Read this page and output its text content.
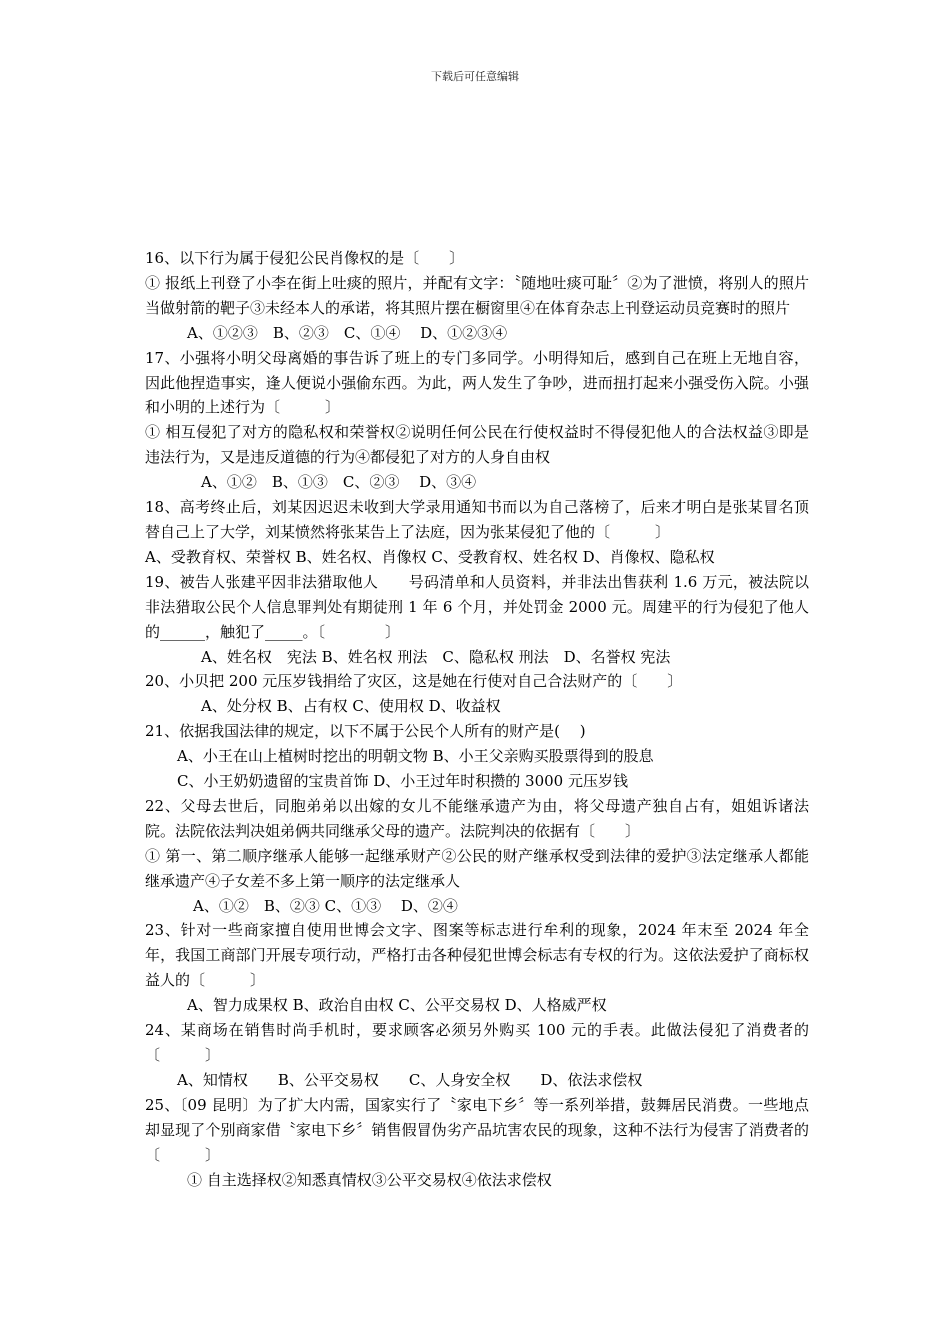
下载后可任意编辑

16、以下行为属于侵犯公民肖像权的是〔　　〕

① 报纸上刊登了小李在街上吐痰的照片，并配有文字：〝随地吐痰可耻〞②为了泄愤，将别人的照片当做射箭的靶子③未经本人的承诺，将其照片摆在橱窗里④在体育杂志上刊登运动员竞赛时的照片

A、①②③　B、②③　C、①④　 D、①②③④

17、小强将小明父母离婚的事告诉了班上的专门多同学。小明得知后，感到自己在班上无地自容，因此他捏造事实，逢人便说小强偷东西。为此，两人发生了争吵，进而扭打起来小强受伤入院。小强和小明的上述行为〔　　　〕

① 相互侵犯了对方的隐私权和荣誉权②说明任何公民在行使权益时不得侵犯他人的合法权益③即是违法行为，又是违反道德的行为④都侵犯了对方的人身自由权

A、①②　B、①③　C、②③　 D、③④

18、高考终止后，刘某因迟迟未收到大学录用通知书而以为自己落榜了，后来才明白是张某冒名顶替自己上了大学，刘某愤然将张某告上了法庭，因为张某侵犯了他的〔　　　〕

A、受教育权、荣誉权 B、姓名权、肖像权 C、受教育权、姓名权 D、肖像权、隐私权

19、被告人张建平因非法猎取他人　　号码清单和人员资料，并非法出售获利 1.6 万元，被法院以非法猎取公民个人信息罪判处有期徒刑 1 年 6 个月，并处罚金 2000 元。周建平的行为侵犯了他人的______，触犯了_____。〔　　　　〕

A、姓名权　宪法 B、姓名权 刑法　C、隐私权 刑法　D、名誉权 宪法

20、小贝把 200 元压岁钱捐给了灾区，这是她在行使对自己合法财产的〔　　〕

A、处分权 B、占有权 C、使用权 D、收益权

21、依据我国法律的规定，以下不属于公民个人所有的财产是(　 )

A、小王在山上植树时挖出的明朝文物 B、小王父亲购买股票得到的股息

C、小王奶奶遗留的宝贵首饰 D、小王过年时积攒的 3000 元压岁钱

22、父母去世后，同胞弟弟以出嫁的女儿不能继承遗产为由，将父母遗产独自占有，姐姐诉诸法院。法院依法判决姐弟俩共同继承父母的遗产。法院判决的依据有〔　　〕

① 第一、第二顺序继承人能够一起继承财产②公民的财产继承权受到法律的爱护③法定继承人都能继承遗产④子女差不多上第一顺序的法定继承人

A、①②　B、②③ C、①③　 D、②④

23、针对一些商家擅自使用世博会文字、图案等标志进行牟利的现象，2024 年末至 2024 年全年，我国工商部门开展专项行动，严格打击各种侵犯世博会标志有专权的行为。这依法爱护了商标权益人的〔　　　〕

A、智力成果权 B、政治自由权 C、公平交易权 D、人格威严权

24、某商场在销售时尚手机时，要求顾客必须另外购买 100 元的手表。此做法侵犯了消费者的〔　　　〕

A、知情权　　B、公平交易权　　C、人身安全权　　D、依法求偿权

25、〔09 昆明〕为了扩大内需，国家实行了〝家电下乡〞等一系列举措，鼓舞居民消费。一些地点却显现了个别商家借〝家电下乡〞销售假冒伪劣产品坑害农民的现象，这种不法行为侵害了消费者的〔　　　〕

① 自主选择权②知悉真情权③公平交易权④依法求偿权
